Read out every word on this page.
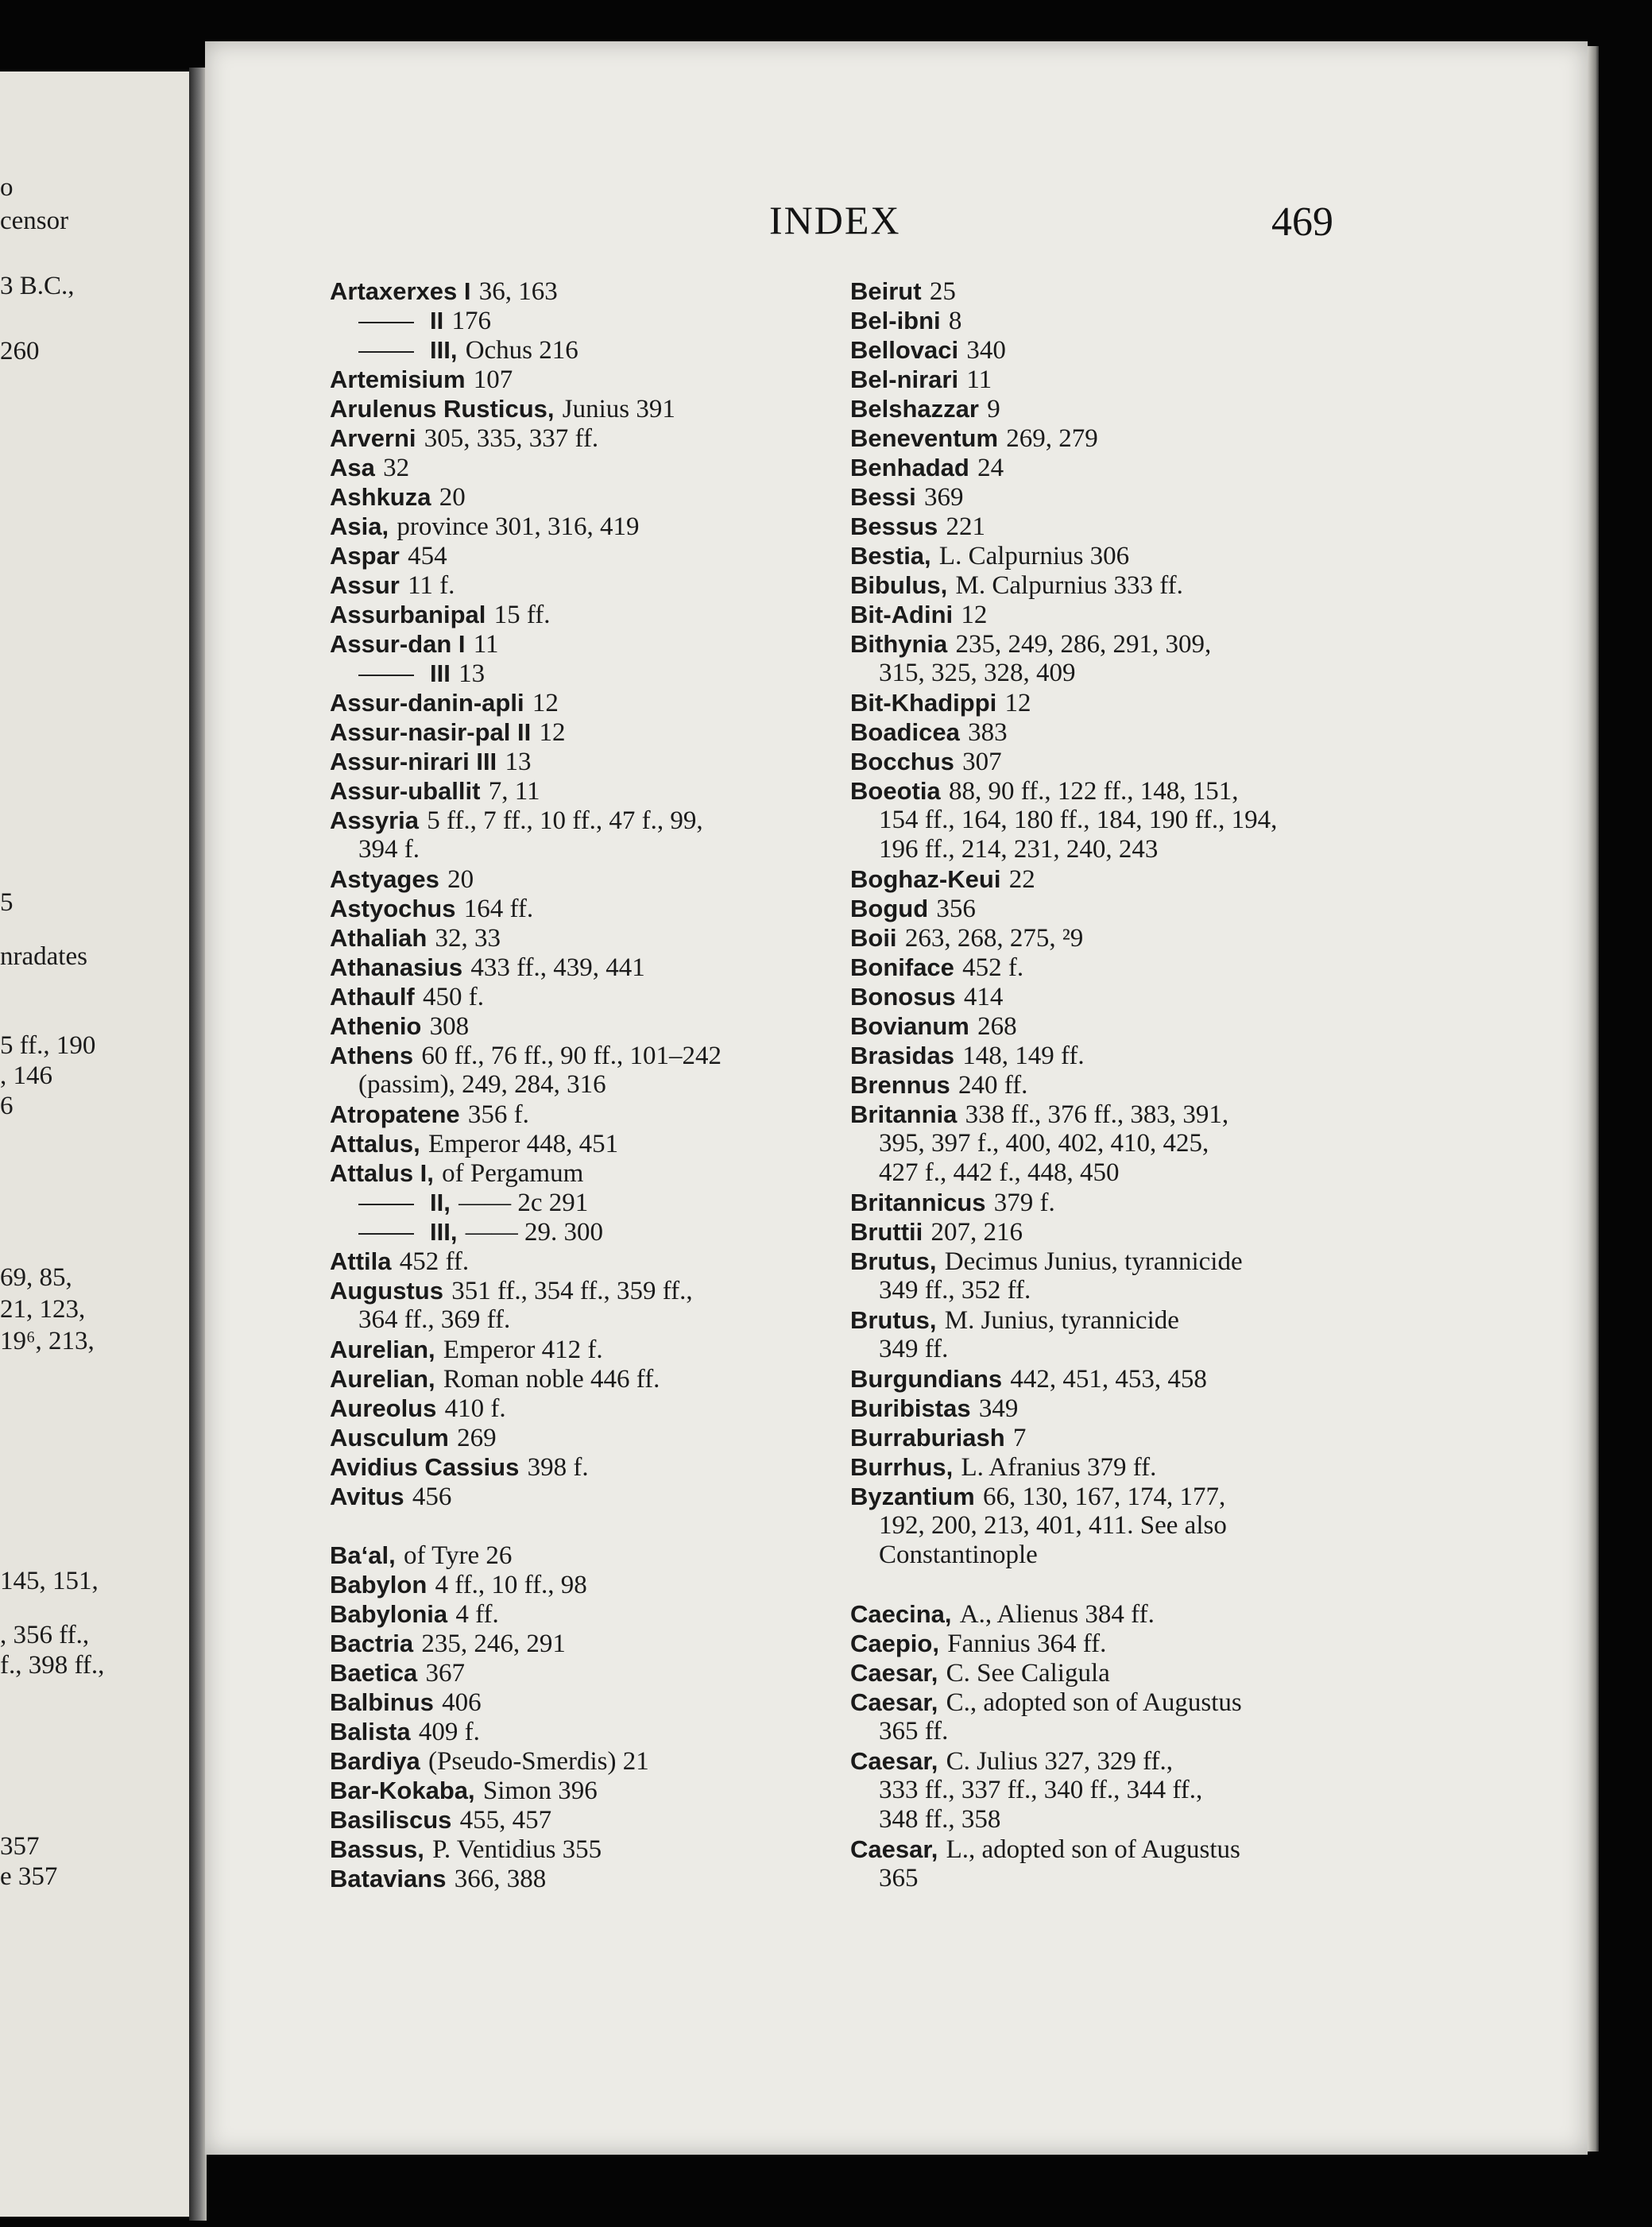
o
censor
3 B.C.,
260
5
nradates
5 ff., 190
, 146
6
69, 85,
21, 123,
19⁶, 213,
145, 151,
, 356 ff.,
f., 398 ff.,
357
e 357
INDEX	469
Artaxerxes I 36, 163
II 176
III, Ochus 216
Artemisium 107
Arulenus Rusticus, Junius 391
Arverni 305, 335, 337 ff.
Asa 32
Ashkuza 20
Asia, province 301, 316, 419
Aspar 454
Assur 11 f.
Assurbanipal 15 ff.
Assur-dan I 11
III 13
Assur-danin-apli 12
Assur-nasir-pal II 12
Assur-nirari III 13
Assur-uballit 7, 11
Assyria 5 ff., 7 ff., 10 ff., 47 f., 99,
394 f.
Astyages 20
Astyochus 164 ff.
Athaliah 32, 33
Athanasius 433 ff., 439, 441
Athaulf 450 f.
Athenio 308
Athens 60 ff., 76 ff., 90 ff., 101–242
(passim), 249, 284, 316
Atropatene 356 f.
Attalus, Emperor 448, 451
Attalus I, of Pergamum
II, —— 2с 291
III, —— 29. 300
Attila 452 ff.
Augustus 351 ff., 354 ff., 359 ff.,
364 ff., 369 ff.
Aurelian, Emperor 412 f.
Aurelian, Roman noble 446 ff.
Aureolus 410 f.
Ausculum 269
Avidius Cassius 398 f.
Avitus 456
Ba‘al, of Tyre 26
Babylon 4 ff., 10 ff., 98
Babylonia 4 ff.
Bactria 235, 246, 291
Baetica 367
Balbinus 406
Balista 409 f.
Bardiya (Pseudo-Smerdis) 21
Bar-Kokaba, Simon 396
Basiliscus 455, 457
Bassus, P. Ventidius 355
Batavians 366, 388
Beirut 25
Bel-ibni 8
Bellovaci 340
Bel-nirari 11
Belshazzar 9
Beneventum 269, 279
Benhadad 24
Bessi 369
Bessus 221
Bestia, L. Calpurnius 306
Bibulus, M. Calpurnius 333 ff.
Bit-Adini 12
Bithynia 235, 249, 286, 291, 309,
315, 325, 328, 409
Bit-Khadippi 12
Boadicea 383
Bocchus 307
Boeotia 88, 90 ff., 122 ff., 148, 151,
154 ff., 164, 180 ff., 184, 190 ff., 194,
196 ff., 214, 231, 240, 243
Boghaz-Keui 22
Bogud 356
Boii 263, 268, 275, ²9
Boniface 452 f.
Bonosus 414
Bovianum 268
Brasidas 148, 149 ff.
Brennus 240 ff.
Britannia 338 ff., 376 ff., 383, 391,
395, 397 f., 400, 402, 410, 425,
427 f., 442 f., 448, 450
Britannicus 379 f.
Bruttii 207, 216
Brutus, Decimus Junius, tyrannicide
349 ff., 352 ff.
Brutus, M. Junius, tyrannicide
349 ff.
Burgundians 442, 451, 453, 458
Buribistas 349
Burraburiash 7
Burrhus, L. Afranius 379 ff.
Byzantium 66, 130, 167, 174, 177,
192, 200, 213, 401, 411. See also
Constantinople
Caecina, A., Alienus 384 ff.
Caepio, Fannius 364 ff.
Caesar, C. See Caligula
Caesar, C., adopted son of Augustus
365 ff.
Caesar, C. Julius 327, 329 ff.,
333 ff., 337 ff., 340 ff., 344 ff.,
348 ff., 358
Caesar, L., adopted son of Augustus
365
